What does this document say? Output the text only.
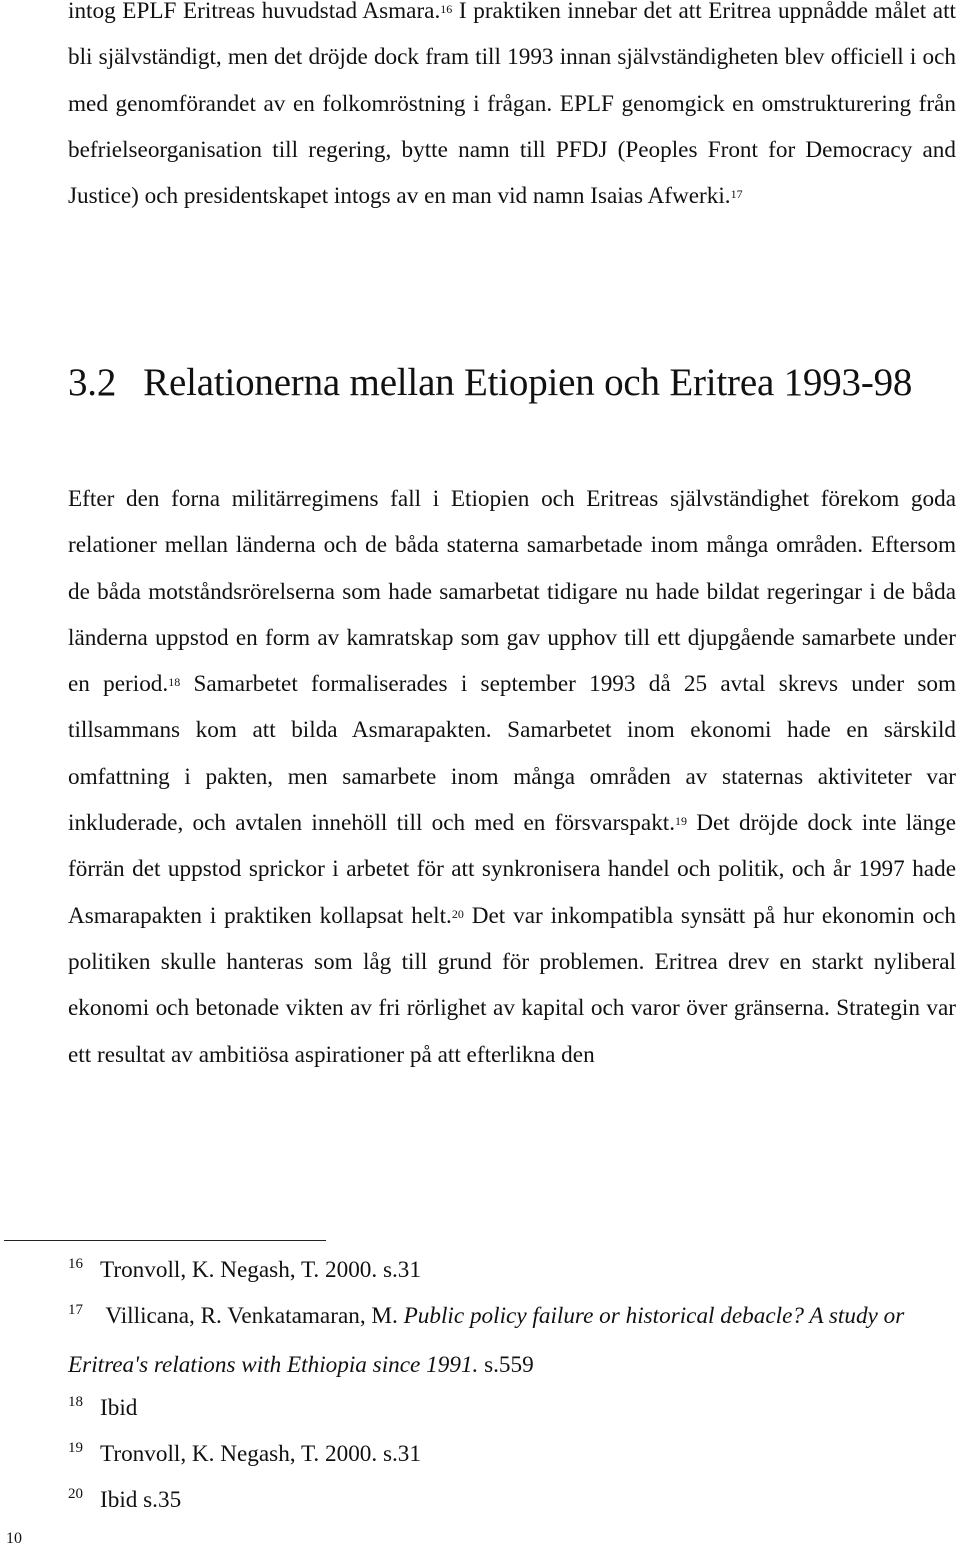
intog EPLF Eritreas huvudstad Asmara.$^{16}$ I praktiken innebar det att Eritrea uppnådde målet att bli självständigt, men det dröjde dock fram till 1993 innan självständigheten blev officiell i och med genomförandet av en folkomröstning i frågan. EPLF genomgick en omstrukturering från befrielseorganisation till regering, bytte namn till PFDJ (Peoples Front for Democracy and Justice) och presidentskapet intogs av en man vid namn Isaias Afwerki.$^{17}$

3.2 Relationerna mellan Etiopien och Eritrea 1993-98

Efter den forna militärregimens fall i Etiopien och Eritreas självständighet förekom goda relationer mellan länderna och de båda staterna samarbetade inom många områden. Eftersom de båda motståndsrörelserna som hade samarbetat tidigare nu hade bildat regeringar i de båda länderna uppstod en form av kamratskap som gav upphov till ett djupgående samarbete under en period.$^{18}$ Samarbetet formaliserades i september 1993 då 25 avtal skrevs under som tillsammans kom att bilda Asmarapakten. Samarbetet inom ekonomi hade en särskild omfattning i pakten, men samarbete inom många områden av staternas aktiviteter var inkluderade, och avtalen innehöll till och med en försvarspakt.$^{19}$ Det dröjde dock inte länge förrän det uppstod sprickor i arbetet för att synkronisera handel och politik, och år 1997 hade Asmarapakten i praktiken kollapsat helt.$^{20}$ Det var inkompatibla synsätt på hur ekonomin och politiken skulle hanteras som låg till grund för problemen. Eritrea drev en starkt nyliberal ekonomi och betonade vikten av fri rörlighet av kapital och varor över gränserna. Strategin var ett resultat av ambitiösa aspirationer på att efterlikna den

16 Tronvoll, K. Negash, T. 2000. s.31

17 Villicana, R. Venkatamaran, M. Public policy failure or historical debacle? A study or Eritrea's relations with Ethiopia since 1991. s.559

18 Ibid

19 Tronvoll, K. Negash, T. 2000. s.31

20 Ibid s.35

10
